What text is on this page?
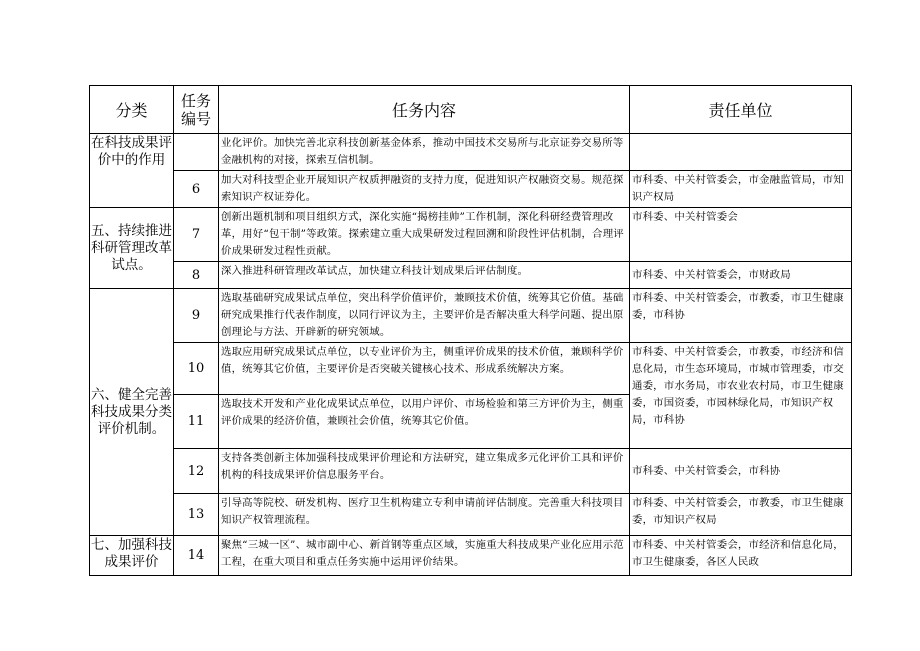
分类	任务编号	任务内容	责任单位
在科技成果评价中的作用		业化评价。加快完善北京科技创新基金体系，推动中国技术交易所与北京证券交易所等金融机构的对接，探索互信机制。	
	6	加大对科技型企业开展知识产权质押融资的支持力度，促进知识产权融资交易。规范探索知识产权证券化。	市科委、中关村管委会，市金融监管局，市知识产权局
五、持续推进科研管理改革试点。	7	创新出题机制和项目组织方式，深化实施“揭榜挂帅”工作机制，深化科研经费管理改革，用好“包干制”等政策。探索建立重大成果研发过程回溯和阶段性评估机制，合理评价成果研发过程性贡献。	市科委、中关村管委会
	8	深入推进科研管理改革试点，加快建立科技计划成果后评估制度。	市科委、中关村管委会，市财政局
六、健全完善科技成果分类评价机制。	9	选取基础研究成果试点单位，突出科学价值评价，兼顾技术价值，统筹其它价值。基础研究成果推行代表作制度，以同行评议为主，主要评价是否解决重大科学问题、提出原创理论与方法、开辟新的研究领域。	市科委、中关村管委会，市教委，市卫生健康委，市科协
	10	选取应用研究成果试点单位，以专业评价为主，侧重评价成果的技术价值，兼顾科学价值，统筹其它价值，主要评价是否突破关键核心技术、形成系统解决方案。	市科委、中关村管委会，市教委，市经济和信息化局，市生态环境局，市城市管理委，市交通委，市水务局，市农业农村局，市卫生健康委，市国资委，市园林绿化局，市知识产权局，市科协
	11	选取技术开发和产业化成果试点单位，以用户评价、市场检验和第三方评价为主，侧重评价成果的经济价值，兼顾社会价值，统筹其它价值。	
	12	支持各类创新主体加强科技成果评价理论和方法研究，建立集成多元化评价工具和评价机构的科技成果评价信息服务平台。	市科委、中关村管委会，市科协
	13	引导高等院校、研发机构、医疗卫生机构建立专利申请前评估制度。完善重大科技项目知识产权管理流程。	市科委、中关村管委会，市教委，市卫生健康委，市知识产权局
七、加强科技成果评价	14	聚焦“三城一区”、城市副中心、新首钢等重点区域，实施重大科技成果产业化应用示范工程，在重大项目和重点任务实施中运用评价结果。	市科委、中关村管委会，市经济和信息化局，市卫生健康委，各区人民政
